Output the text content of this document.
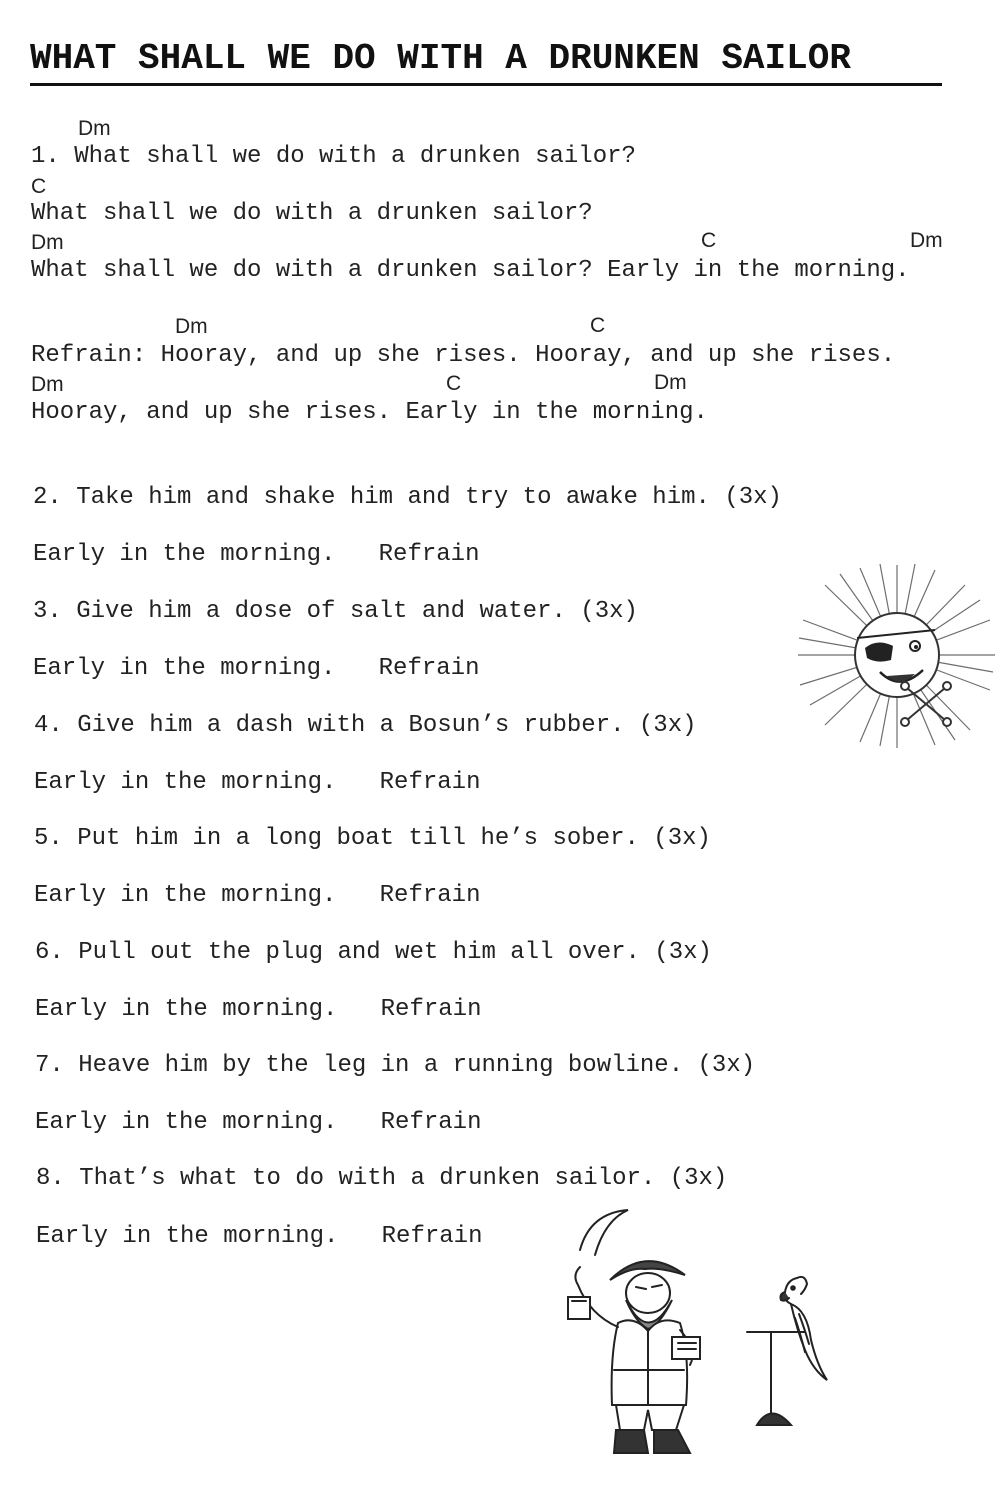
WHAT SHALL WE DO WITH A DRUNKEN SAILOR
Dm
1. What shall we do with a drunken sailor?
C
What shall we do with a drunken sailor?
Dm	C	Dm
What shall we do with a drunken sailor? Early in the morning.
Dm	C
Refrain: Hooray, and up she rises. Hooray, and up she rises.
Dm	C	Dm
Hooray, and up she rises. Early in the morning.
2. Take him and shake him and try to awake him. (3x)
Early in the morning.   Refrain
3. Give him a dose of salt and water. (3x)
Early in the morning.   Refrain
4. Give him a dash with a Bosun’s rubber. (3x)
Early in the morning.   Refrain
5. Put him in a long boat till he’s sober. (3x)
Early in the morning.   Refrain
6. Pull out the plug and wet him all over. (3x)
Early in the morning.   Refrain
7. Heave him by the leg in a running bowline. (3x)
Early in the morning.   Refrain
8. That’s what to do with a drunken sailor. (3x)
Early in the morning.   Refrain
